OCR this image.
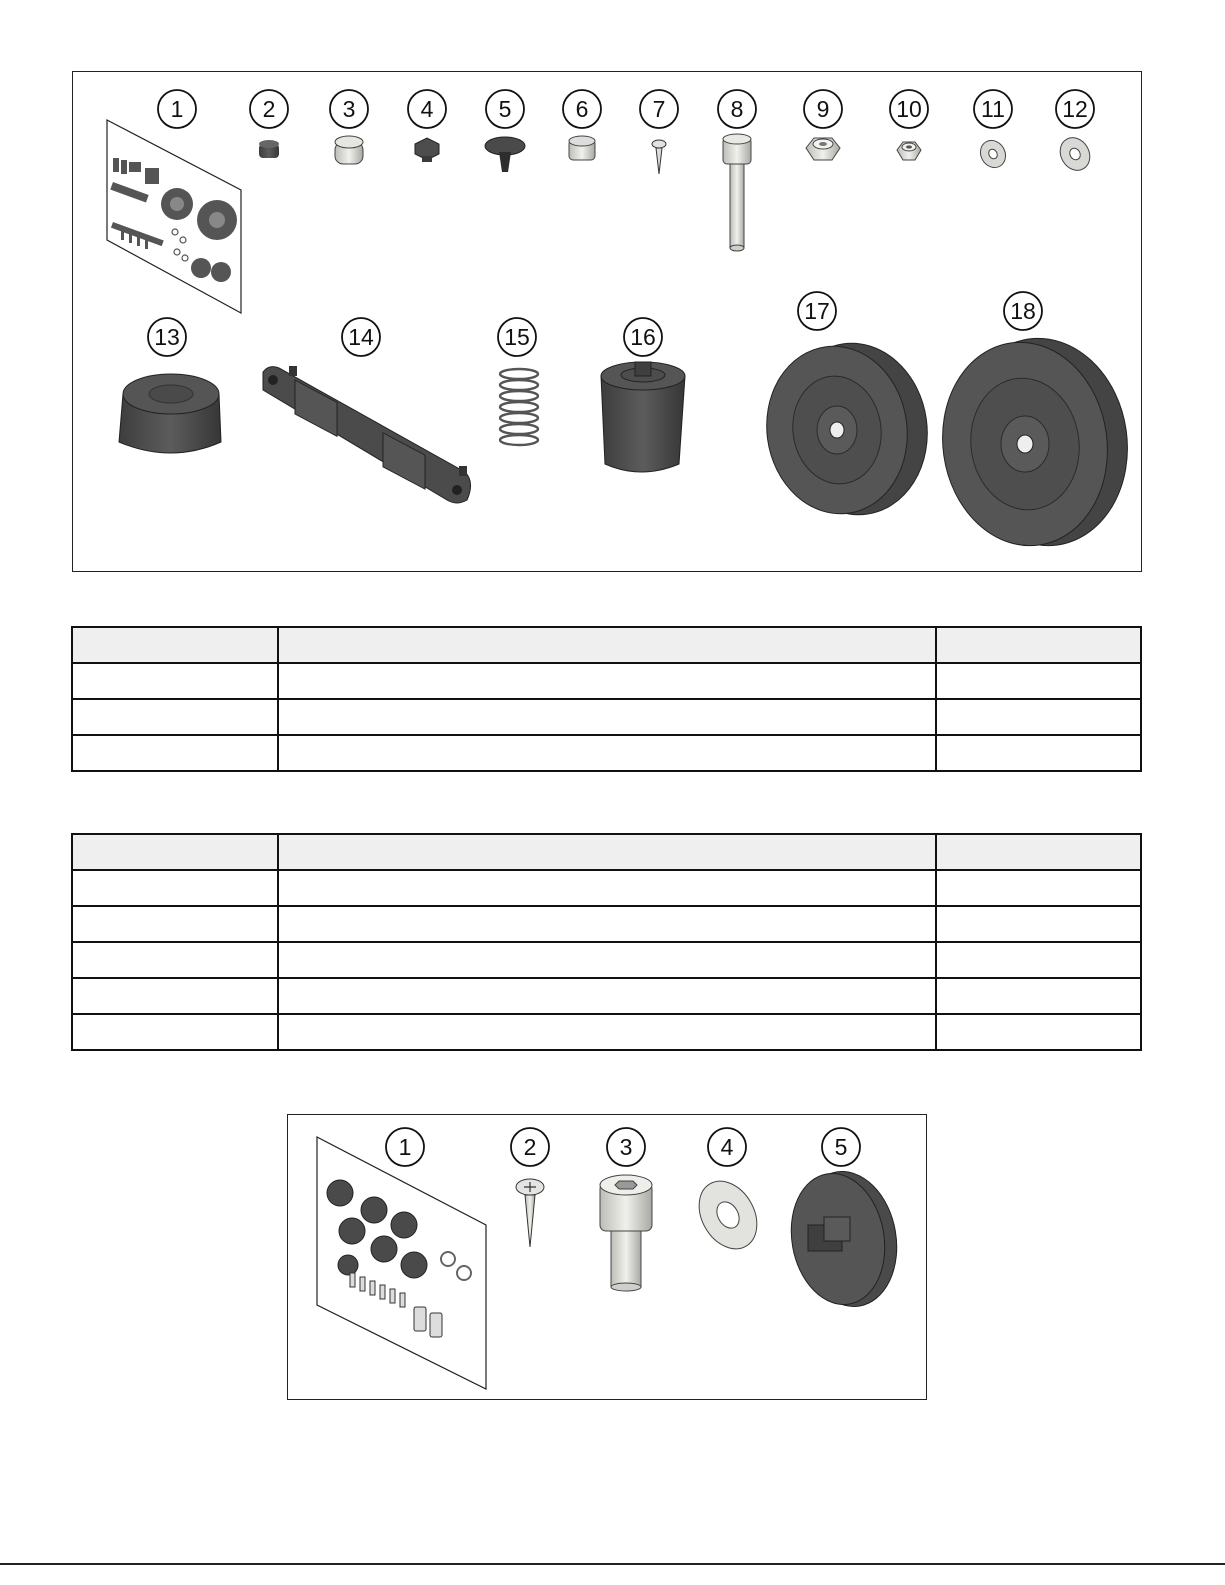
1	2	3	4	5	6	7	8	9	10	11 12
13	14	15	16
17	18

1	2	3	4	5
